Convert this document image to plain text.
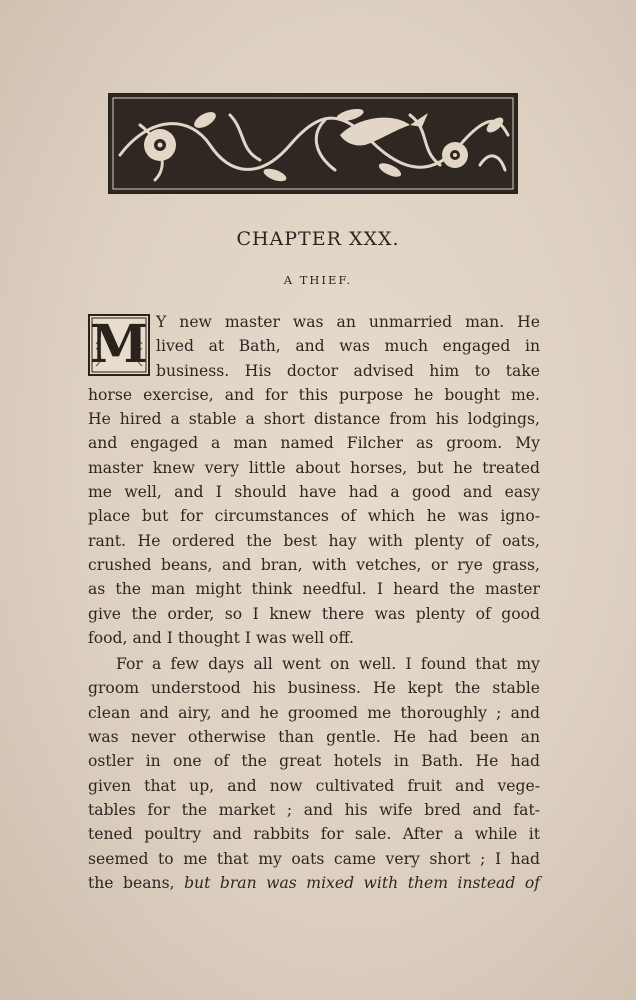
CHAPTER XXX.
A THIEF.
M Y new master was an unmarried man. He
lived at Bath, and was much engaged in
business. His doctor advised him to take
horse exercise, and for this purpose he bought me.
He hired a stable a short distance from his lodgings,
and engaged a man named Filcher as groom. My
master knew very little about horses, but he treated
me well, and I should have had a good and easy
place but for circumstances of which he was igno-
rant. He ordered the best hay with plenty of oats,
crushed beans, and bran, with vetches, or rye grass,
as the man might think needful. I heard the master
give the order, so I knew there was plenty of good
food, and I thought I was well off.
For a few days all went on well. I found that my
groom understood his business. He kept the stable
clean and airy, and he groomed me thoroughly ; and
was never otherwise than gentle. He had been an
ostler in one of the great hotels in Bath. He had
given that up, and now cultivated fruit and vege-
tables for the market ; and his wife bred and fat-
tened poultry and rabbits for sale. After a while it
seemed to me that my oats came very short ; I had
the beans, but bran was mixed with them instead of
